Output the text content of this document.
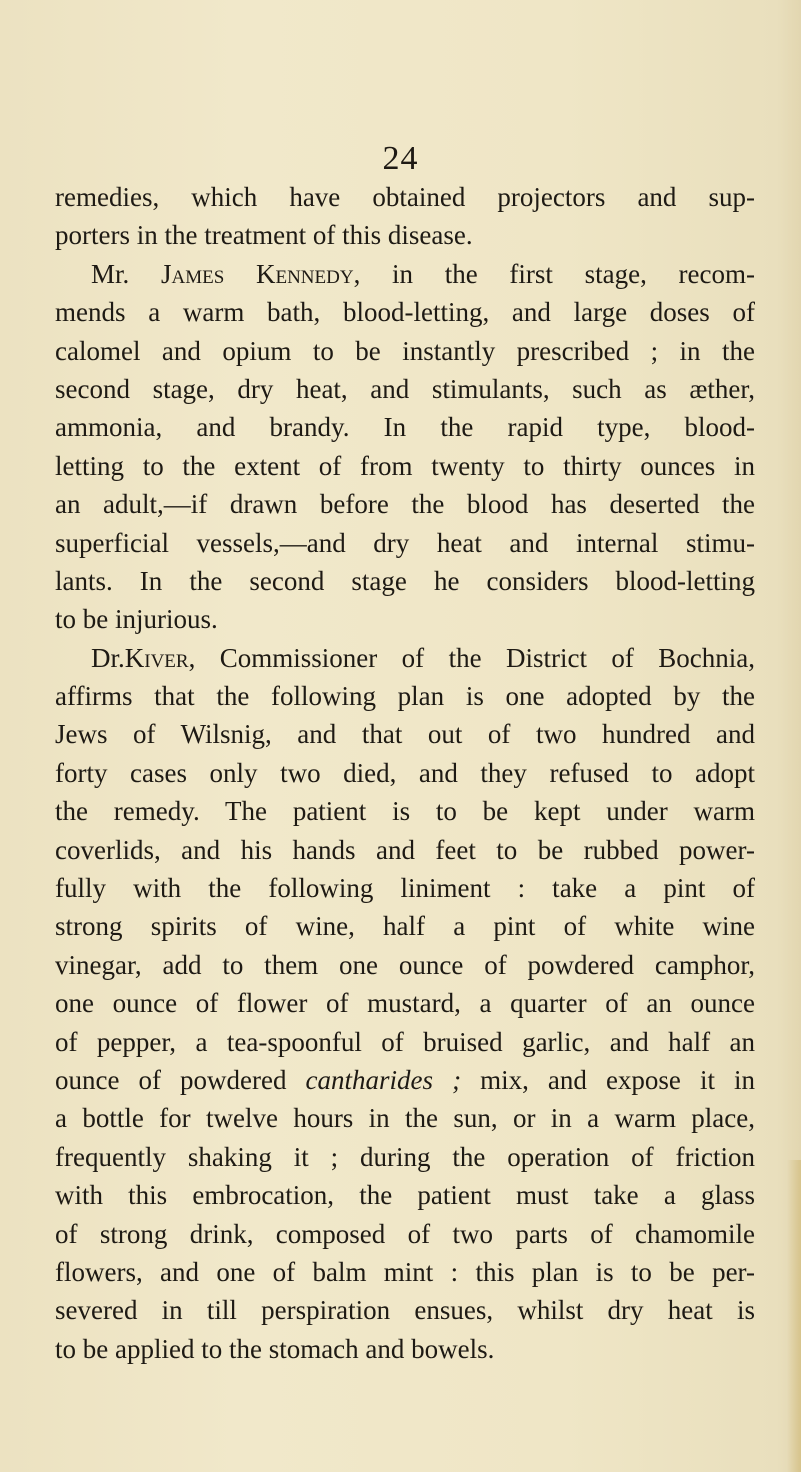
24
remedies, which have obtained projectors and sup-
porters in the treatment of this disease.
Mr. James Kennedy, in the first stage, recom-
mends a warm bath, blood-letting, and large doses of
calomel and opium to be instantly prescribed ; in the
second stage, dry heat, and stimulants, such as æther,
ammonia, and brandy. In the rapid type, blood-
letting to the extent of from twenty to thirty ounces in
an adult,—if drawn before the blood has deserted the
superficial vessels,—and dry heat and internal stimu-
lants. In the second stage he considers blood-letting
to be injurious.
Dr.Kiver, Commissioner of the District of Bochnia,
affirms that the following plan is one adopted by the
Jews of Wilsnig, and that out of two hundred and
forty cases only two died, and they refused to adopt
the remedy. The patient is to be kept under warm
coverlids, and his hands and feet to be rubbed power-
fully with the following liniment : take a pint of
strong spirits of wine, half a pint of white wine
vinegar, add to them one ounce of powdered camphor,
one ounce of flower of mustard, a quarter of an ounce
of pepper, a tea-spoonful of bruised garlic, and half an
ounce of powdered cantharides ; mix, and expose it in
a bottle for twelve hours in the sun, or in a warm place,
frequently shaking it ; during the operation of friction
with this embrocation, the patient must take a glass
of strong drink, composed of two parts of chamomile
flowers, and one of balm mint : this plan is to be per-
severed in till perspiration ensues, whilst dry heat is
to be applied to the stomach and bowels.
